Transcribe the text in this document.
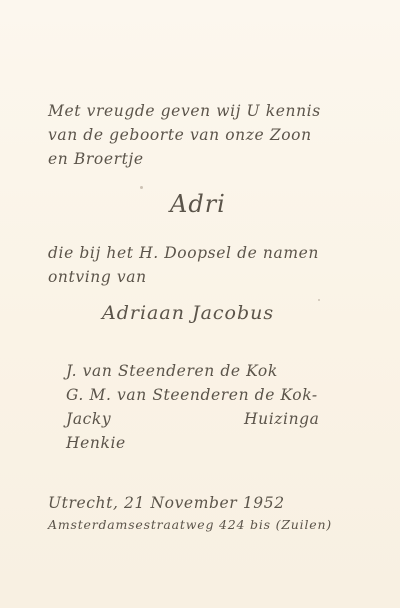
Met vreugde geven wij U kennis
van de geboorte van onze Zoon
en Broertje
Adri
die bij het H. Doopsel de namen
ontving van
Adriaan Jacobus
J. van Steenderen de Kok
G. M. van Steenderen de Kok-
Jacky	Huizinga
Henkie
Utrecht, 21 November 1952
Amsterdamsestraatweg 424 bis (Zuilen)
